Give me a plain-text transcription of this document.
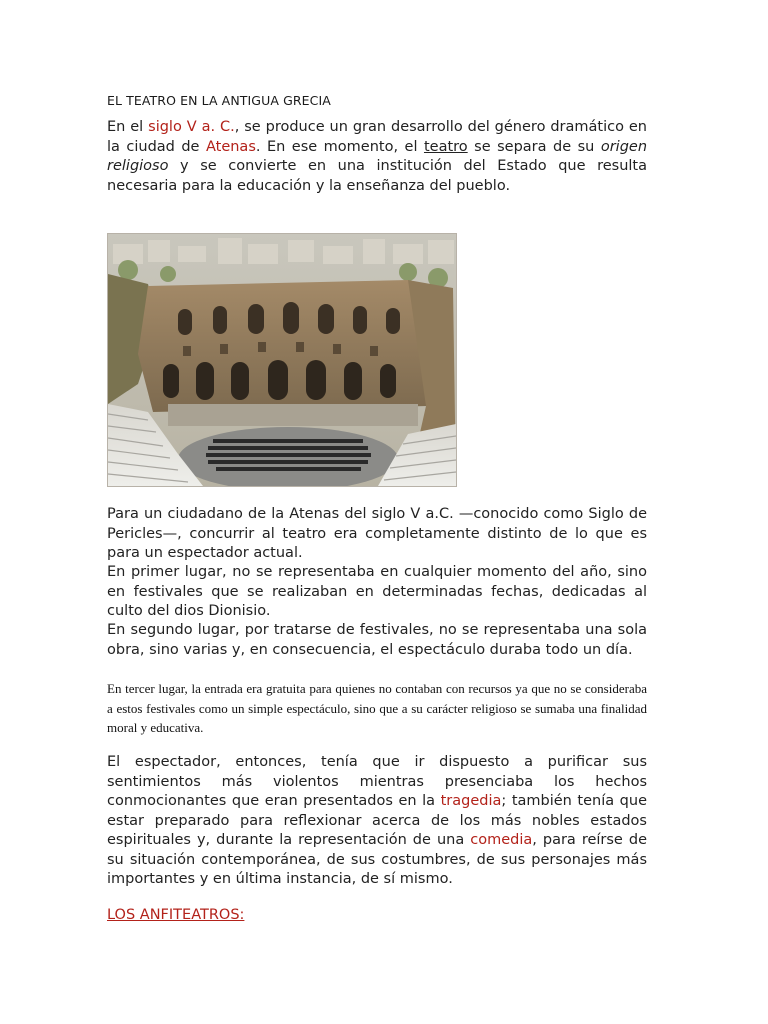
EL TEATRO EN LA ANTIGUA GRECIA
En el siglo V a. C., se produce un gran desarrollo del género dramático en la ciudad de Atenas. En ese momento, el teatro se separa de su origen religioso y se convierte en una institución del Estado que resulta necesaria para la educación y la enseñanza del pueblo.
Para un ciudadano de la Atenas del siglo V a.C. —conocido como Siglo de Pericles—, concurrir al teatro era completamente distinto de lo que es para un espectador actual.
En primer lugar, no se representaba en cualquier momento del año, sino en festivales que se realizaban en determinadas fechas, dedicadas al culto del dios Dionisio.
En segundo lugar, por tratarse de festivales, no se representaba una sola obra, sino varias y, en consecuencia, el espectáculo duraba todo un día.
En tercer lugar, la entrada era gratuita para quienes no contaban con recursos ya que no se consideraba a estos festivales como un simple espectáculo, sino que a su carácter religioso se sumaba una finalidad moral y educativa.
El espectador, entonces, tenía que ir dispuesto a purificar sus sentimientos más violentos mientras presenciaba los hechos conmocionantes que eran presentados en la tragedia; también tenía que estar preparado para reflexionar acerca de los más nobles estados espirituales y, durante la representación de una comedia, para reírse de su situación contemporánea, de sus costumbres, de sus personajes más importantes y en última instancia, de sí mismo.
LOS ANFITEATROS:
